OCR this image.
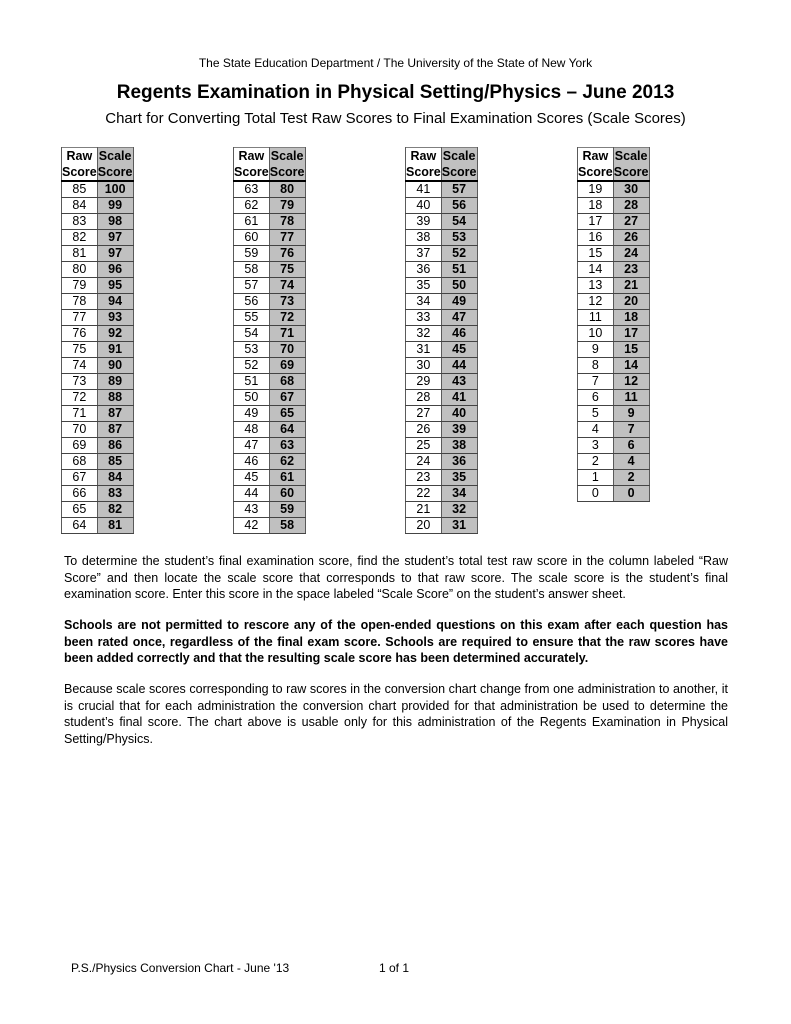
The State Education Department / The University of the State of New York
Regents Examination in Physical Setting/Physics – June 2013
Chart for Converting Total Test Raw Scores to Final Examination Scores (Scale Scores)
Raw	Scale
Score	Score
85	100
84	99
83	98
82	97
81	97
80	96
79	95
78	94
77	93
76	92
75	91
74	90
73	89
72	88
71	87
70	87
69	86
68	85
67	84
66	83
65	82
64	81
Raw	Scale
Score	Score
63	80
62	79
61	78
60	77
59	76
58	75
57	74
56	73
55	72
54	71
53	70
52	69
51	68
50	67
49	65
48	64
47	63
46	62
45	61
44	60
43	59
42	58
Raw	Scale
Score	Score
41	57
40	56
39	54
38	53
37	52
36	51
35	50
34	49
33	47
32	46
31	45
30	44
29	43
28	41
27	40
26	39
25	38
24	36
23	35
22	34
21	32
20	31
Raw	Scale
Score	Score
19	30
18	28
17	27
16	26
15	24
14	23
13	21
12	20
11	18
10	17
9	15
8	14
7	12
6	11
5	9
4	7
3	6
2	4
1	2
0	0
To determine the student’s final examination score, find the student’s total test raw score in the column labeled “Raw Score” and then locate the scale score that corresponds to that raw score. The scale score is the student’s final examination score. Enter this score in the space labeled “Scale Score” on the student’s answer sheet.
Schools are not permitted to rescore any of the open-ended questions on this exam after each question has been rated once, regardless of the final exam score. Schools are required to ensure that the raw scores have been added correctly and that the resulting scale score has been determined accurately.
Because scale scores corresponding to raw scores in the conversion chart change from one administration to another, it is crucial that for each administration the conversion chart provided for that administration be used to determine the student’s final score. The chart above is usable only for this administration of the Regents Examination in Physical Setting/Physics.
P.S./Physics Conversion Chart - June '13	1 of 1
